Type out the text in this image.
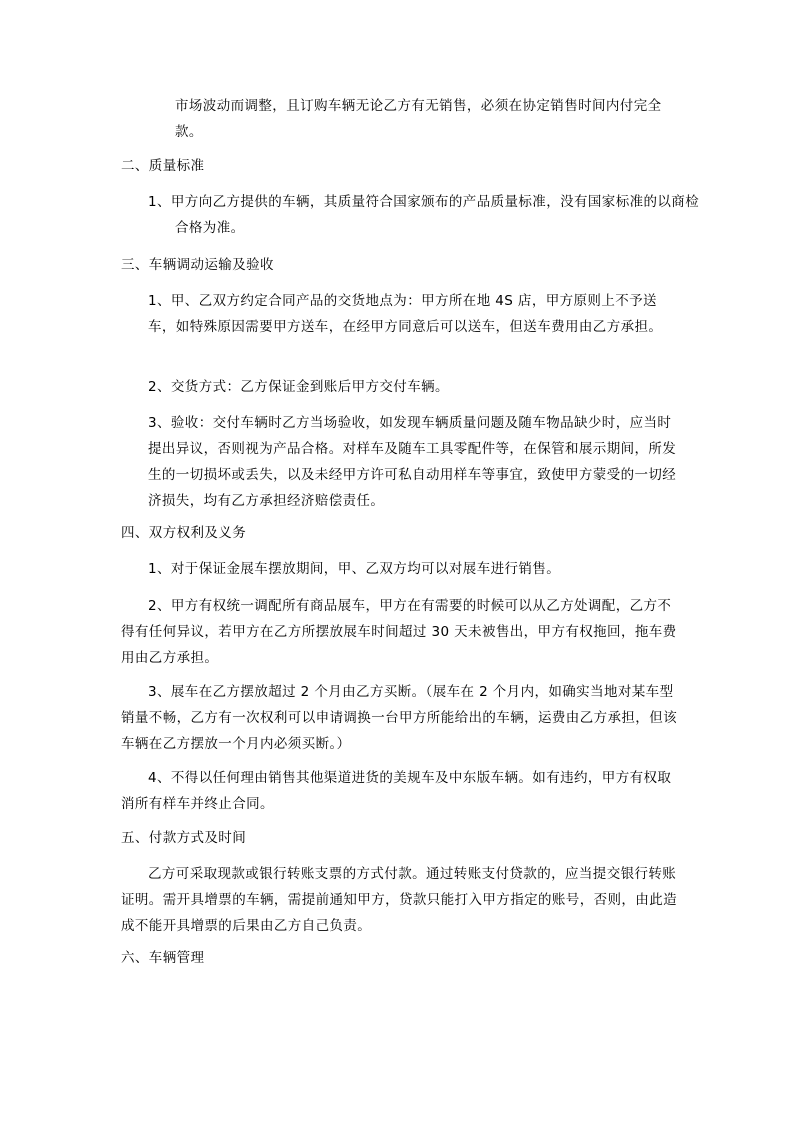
市场波动而调整，且订购车辆无论乙方有无销售，必须在协定销售时间内付完全款。

二、质量标准

1、甲方向乙方提供的车辆，其质量符合国家颁布的产品质量标准，没有国家标准的以商检合格为准。

三、车辆调动运输及验收

1、甲、乙双方约定合同产品的交货地点为：甲方所在地 4S 店，甲方原则上不予送车，如特殊原因需要甲方送车，在经甲方同意后可以送车，但送车费用由乙方承担。

2、交货方式：乙方保证金到账后甲方交付车辆。

3、验收：交付车辆时乙方当场验收，如发现车辆质量问题及随车物品缺少时，应当时提出异议，否则视为产品合格。对样车及随车工具零配件等，在保管和展示期间，所发生的一切损坏或丢失，以及未经甲方许可私自动用样车等事宜，致使甲方蒙受的一切经济损失，均有乙方承担经济赔偿责任。

四、双方权利及义务

1、对于保证金展车摆放期间，甲、乙双方均可以对展车进行销售。

2、甲方有权统一调配所有商品展车，甲方在有需要的时候可以从乙方处调配，乙方不得有任何异议，若甲方在乙方所摆放展车时间超过 30 天未被售出，甲方有权拖回，拖车费用由乙方承担。

3、展车在乙方摆放超过 2 个月由乙方买断。（展车在 2 个月内，如确实当地对某车型销量不畅，乙方有一次权利可以申请调换一台甲方所能给出的车辆，运费由乙方承担，但该车辆在乙方摆放一个月内必须买断。）

4、不得以任何理由销售其他渠道进货的美规车及中东版车辆。如有违约，甲方有权取消所有样车并终止合同。

五、付款方式及时间

乙方可采取现款或银行转账支票的方式付款。通过转账支付贷款的，应当提交银行转账证明。需开具增票的车辆，需提前通知甲方，贷款只能打入甲方指定的账号，否则，由此造成不能开具增票的后果由乙方自己负责。

六、车辆管理
